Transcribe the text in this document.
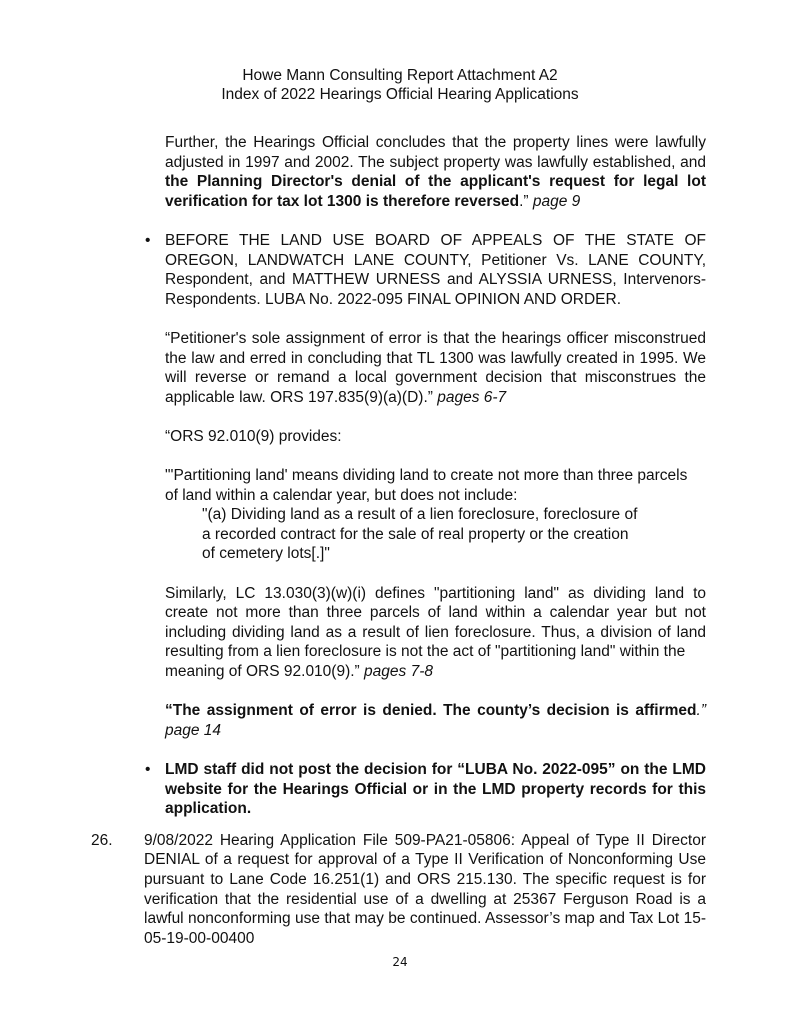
Howe Mann Consulting Report Attachment A2
Index of 2022 Hearings Official Hearing Applications

Further, the Hearings Official concludes that the property lines were lawfully adjusted in 1997 and 2002. The subject property was lawfully established, and the Planning Director's denial of the applicant's request for legal lot verification for tax lot 1300 is therefore reversed.” page 9

• BEFORE THE LAND USE BOARD OF APPEALS OF THE STATE OF OREGON, LANDWATCH LANE COUNTY, Petitioner Vs. LANE COUNTY, Respondent, and MATTHEW URNESS and ALYSSIA URNESS, Intervenors-Respondents. LUBA No. 2022-095 FINAL OPINION AND ORDER.

“Petitioner's sole assignment of error is that the hearings officer misconstrued the law and erred in concluding that TL 1300 was lawfully created in 1995. We will reverse or remand a local government decision that misconstrues the applicable law. ORS 197.835(9)(a)(D).” pages 6-7

“ORS 92.010(9) provides:

"'Partitioning land' means dividing land to create not more than three parcels
of land within a calendar year, but does not include:
"(a) Dividing land as a result of a lien foreclosure, foreclosure of
a recorded contract for the sale of real property or the creation
of cemetery lots[.]"

Similarly, LC 13.030(3)(w)(i) defines "partitioning land" as dividing land to create not more than three parcels of land within a calendar year but not including dividing land as a result of lien foreclosure. Thus, a division of land

resulting from a lien foreclosure is not the act of "partitioning land" within the

meaning of ORS 92.010(9).” pages 7-8

“The assignment of error is denied. The county’s decision is affirmed.”

page 14

• LMD staff did not post the decision for “LUBA No. 2022-095” on the LMD website for the Hearings Official or in the LMD property records for this application.

26. 9/08/2022 Hearing Application File 509-PA21-05806: Appeal of Type II Director DENIAL of a request for approval of a Type II Verification of Nonconforming Use pursuant to Lane Code 16.251(1) and ORS 215.130. The specific request is for verification that the residential use of a dwelling at 25367 Ferguson Road is a lawful nonconforming use that may be continued. Assessor’s map and Tax Lot 15-05-19-00-00400

24
